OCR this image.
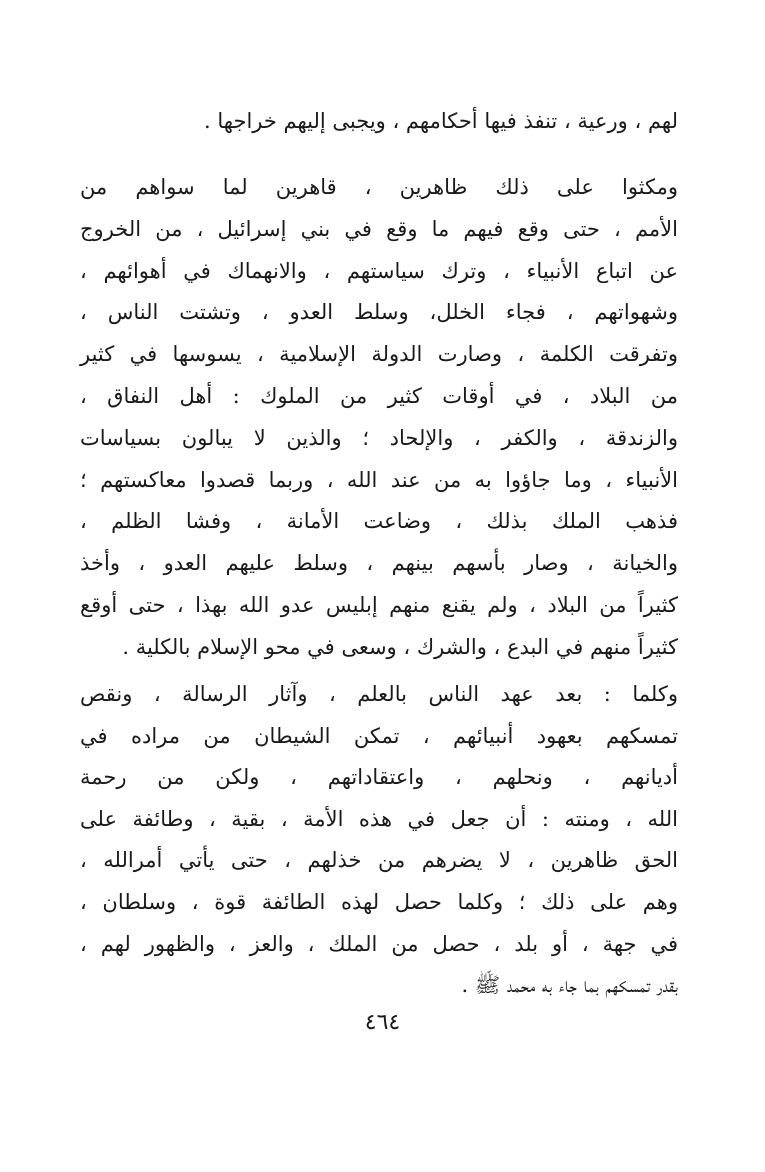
لهم ، ورعية ، تنفذ فيها أحكامهم ، ويجبى إليهم خراجها .
ومكثوا على ذلك ظاهرين ، قاهرين لما سواهم من
الأمم ، حتى وقع فيهم ما وقع في بني إسرائيل ، من الخروج
عن اتباع الأنبياء ، وترك سياستهم ، والانهماك في أهوائهم ،
وشهواتهم ، فجاء الخلل، وسلط العدو ، وتشتت الناس ،
وتفرقت الكلمة ، وصارت الدولة الإسلامية ، يسوسها في كثير
من البلاد ، في أوقات كثير من الملوك : أهل النفاق ،
والزندقة ، والكفر ، والإلحاد ؛ والذين لا يبالون بسياسات
الأنبياء ، وما جاؤوا به من عند الله ، وربما قصدوا معاكستهم ؛
فذهب الملك بذلك ، وضاعت الأمانة ، وفشا الظلم ،
والخيانة ، وصار بأسهم بينهم ، وسلط عليهم العدو ، وأخذ
كثيراً من البلاد ، ولم يقنع منهم إبليس عدو الله بهذا ، حتى أوقع
كثيراً منهم في البدع ، والشرك ، وسعى في محو الإسلام بالكلية .
وكلما : بعد عهد الناس بالعلم ، وآثار الرسالة ، ونقص
تمسكهم بعهود أنبيائهم ، تمكن الشيطان من مراده في
أديانهم ، ونحلهم ، واعتقاداتهم ، ولكن من رحمة
الله ، ومنته : أن جعل في هذه الأمة ، بقية ، وطائفة على
الحق ظاهرين ، لا يضرهم من خذلهم ، حتى يأتي أمرالله ،
وهم على ذلك ؛ وكلما حصل لهذه الطائفة قوة ، وسلطان ،
في جهة ، أو بلد ، حصل من الملك ، والعز ، والظهور لهم ،
بقدر تمسكهم بما جاء به محمد ﷺ .
٤٦٤
